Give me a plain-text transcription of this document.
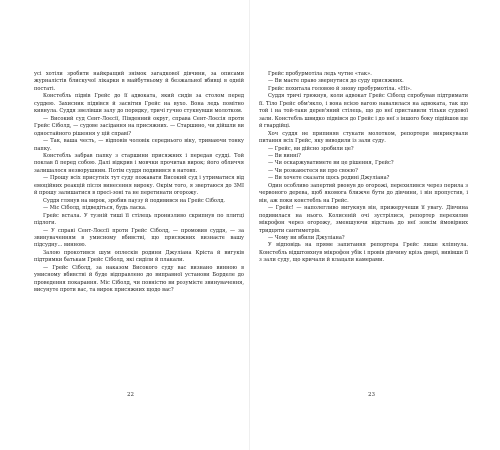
усі хотіли зробити найкращий знімок загадкової дівчини, за описами журналістів блискучої лікарки в майбутньому й безжальної вбивці в одній постаті.

Констебль підвів Грейс до її адвоката, який сидів за столом перед суддею. Захисник підвівся й засвітив Грейс на вухо. Вона ледь помітно кивнула. Суддя звелівши залу до порядку, тричі гучно стукнувши молотком.

— Високий суд Сент-Лоєсії, Південний округ, справа Сент-Лоєсія проти Грейс Сіболд, — судове засідання на присяжних. — Старшино, чи дійшли ви одностайного рішення у цій справі?

— Так, ваша честь, — відповів чоловік середнього віку, тримаючи тонку папку.

Констебль забрав папку з старшини присяжних і передав судді. Той поклав її перед собою. Далі відкрив і мовчки прочитав вирок; його обличчя залишалося незворушним. Потім суддя подивився в натовп.

— Прошу всіх присутніх тут суду пожавати Високий суд і утриматися від емоційних реакцій після винесення вироку. Окрім того, я звертаюся до ЗМІ й прошу залишатися в пресі-зоні та не перетинати огорожу.

Суддя глянув на вирок, зробив паузу й подивився на Грейс Сіболд.

— Міс Сіболд, підведіться, будь ласка.

Грейс встала. У тузній тиші її стілець пронизливо скрипнув по плитці підлоги.

— У справі Сент-Лоєсії проти Грейс Сіболд, — промовив суддя, — за звинуваченням в умисному вбивстві, що присяжних визнаєте вашу підсудну... винною.

Залою прокотився шум оплесків родини Джуліана Кріста й вигуків підтримки батькам Грейс Сіболд, які сиділи й плакали.

— Грейс Сіболд, за наказом Високого суду вас визнано винною в умисному вбивстві й буде відправлено до виправної установи Борделе до проведення покарання. Міс Сіболд, чи повністю ви розумієте звинувачення, висунуте проти вас, та вирок присяжних щодо вас?

22

Грейс пробурмотіла ледь чутне «так».

— Ви маєте право звернутися до суду присяжних.

Грейс похитала головою й знову пробурмотіла. «Ні».

Суддя тричі грюкнув, коли адвокат Грейс Сіболд спробував підтримати її. Тіло Грейс обм'якло, і вона всією вагою навалилася на адвоката, так що той і на той-таки дерев'яний стілець, що до неї приставили тільки судової зали. Констебль швидко підвівся до Грейс і до неї з іншого боку підійшов ще й гвардійці.

Хоч суддя не припиняв стукати молотком, репортери викрикували питання всіх Грейс, яку виводили із зали суду.

— Грейс, ви дійсно зробили це?

— Ви винні?

— Чи оскаржуватимете ви це рішення, Грейс?

— Чи розкаюєтеся ви про своєю?

— Ви хочете сказати щось родині Джуліана?

Один особливо запертий рвонув до огорожі, перехилився через перила з червоного дерева, щоб якомога ближче бути до дівчини, і він пропустив, і він, аж поки констебль на Грейс.

— Грейс! — наполегливо вигукнув він, прижеручеши її увагу. Дівчина подивилася на нього. Колисеній очі зустрілися, репортер перехилив мікрофон через огорожу, зменшуючи відстань до неї зовсім ймовірних тридцяти сантиметрів.

— Чому ви вбили Джуліана?

У відповідь на пряме запитання репортера Грейс лише кліпнула. Констебль відштовхнув мікрофон убік і провів дівчину крізь двері, вивівши її з зали суду, що кричали й клацали камерами.

23
